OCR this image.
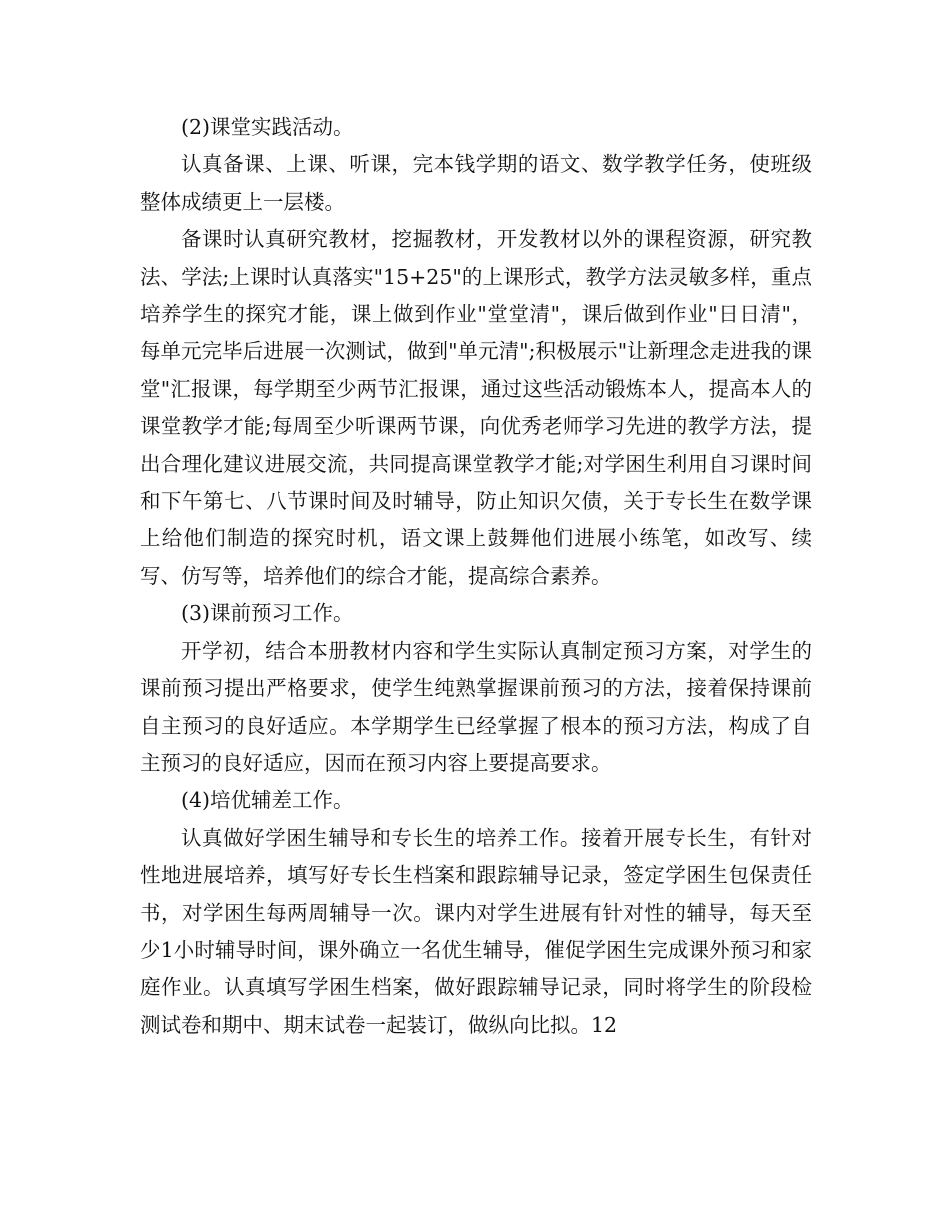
(2)课堂实践活动。

认真备课、上课、听课，完本钱学期的语文、数学教学任务，使班级整体成绩更上一层楼。

备课时认真研究教材，挖掘教材，开发教材以外的课程资源，研究教法、学法;上课时认真落实"15+25"的上课形式，教学方法灵敏多样，重点培养学生的探究才能，课上做到作业"堂堂清"，课后做到作业"日日清"，每单元完毕后进展一次测试，做到"单元清";积极展示"让新理念走进我的课堂"汇报课，每学期至少两节汇报课，通过这些活动锻炼本人，提高本人的课堂教学才能;每周至少听课两节课，向优秀老师学习先进的教学方法，提出合理化建议进展交流，共同提高课堂教学才能;对学困生利用自习课时间和下午第七、八节课时间及时辅导，防止知识欠债，关于专长生在数学课上给他们制造的探究时机，语文课上鼓舞他们进展小练笔，如改写、续写、仿写等，培养他们的综合才能，提高综合素养。

(3)课前预习工作。

开学初，结合本册教材内容和学生实际认真制定预习方案，对学生的课前预习提出严格要求，使学生纯熟掌握课前预习的方法，接着保持课前自主预习的良好适应。本学期学生已经掌握了根本的预习方法，构成了自主预习的良好适应，因而在预习内容上要提高要求。

(4)培优辅差工作。

认真做好学困生辅导和专长生的培养工作。接着开展专长生，有针对性地进展培养，填写好专长生档案和跟踪辅导记录，签定学困生包保责任书，对学困生每两周辅导一次。课内对学生进展有针对性的辅导，每天至少1小时辅导时间，课外确立一名优生辅导，催促学困生完成课外预习和家庭作业。认真填写学困生档案，做好跟踪辅导记录，同时将学生的阶段检测试卷和期中、期末试卷一起装订，做纵向比拟。12
